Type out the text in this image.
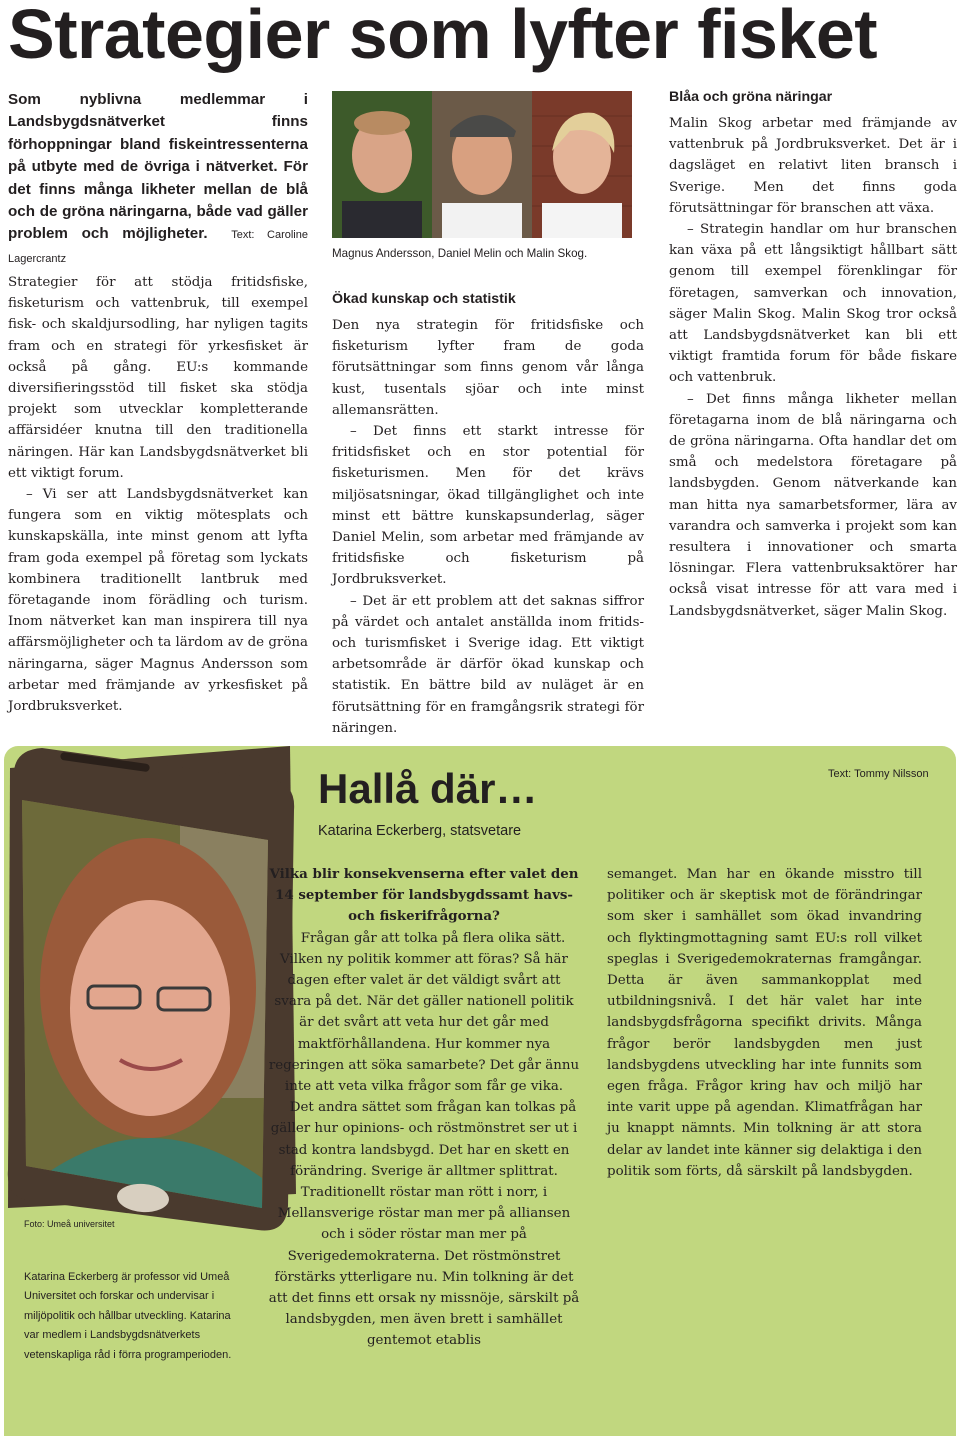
Strategier som lyfter fisket
Som nyblivna medlemmar i Landsbygdsnätverket finns förhoppningar bland fiskeintressenterna på utbyte med de övriga i nätverket. För det finns många likheter mellan de blå och de gröna näringarna, både vad gäller problem och möjligheter. Text: Caroline Lagercrantz

Strategier för att stödja fritidsfiske, fisketurism och vattenbruk, till exempel fisk- och skaldjursodling, har nyligen tagits fram och en strategi för yrkesfisket är också på gång. EU:s kommande diversifieringsstöd till fisket ska stödja projekt som utvecklar kompletterande affärsidéer knutna till den traditionella näringen. Här kan Landsbygdsnätverket bli ett viktigt forum.

– Vi ser att Landsbygdsnätverket kan fungera som en viktig mötesplats och kunskapskälla, inte minst genom att lyfta fram goda exempel på företag som lyckats kombinera traditionellt lantbruk med företagande inom förädling och turism. Inom nätverket kan man inspirera till nya affärsmöjligheter och ta lärdom av de gröna näringarna, säger Magnus Andersson som arbetar med främjande av yrkesfisket på Jordbruksverket.

Magnus Andersson, Daniel Melin och Malin Skog.
Ökad kunskap och statistik

Den nya strategin för fritidsfiske och fisketurism lyfter fram de goda förutsättningar som finns genom vår långa kust, tusentals sjöar och inte minst allemansrätten.

– Det finns ett starkt intresse för fritidsfisket och en stor potential för fisketurismen. Men för det krävs miljösatsningar, ökad tillgänglighet och inte minst ett bättre kunskapsunderlag, säger Daniel Melin, som arbetar med främjande av fritidsfiske och fisketurism på Jordbruksverket.

– Det är ett problem att det saknas siffror på värdet och antalet anställda inom fritids- och turismfisket i Sverige idag. Ett viktigt arbetsområde är därför ökad kunskap och statistik. En bättre bild av nuläget är en förutsättning för en framgångsrik strategi för näringen.

Blåa och gröna näringar

Malin Skog arbetar med främjande av vattenbruk på Jordbruksverket. Det är i dagsläget en relativt liten bransch i Sverige. Men det finns goda förutsättningar för branschen att växa.

– Strategin handlar om hur branschen kan växa på ett långsiktigt hållbart sätt genom till exempel förenklingar för företagen, samverkan och innovation, säger Malin Skog. Malin Skog tror också att Landsbygdsnätverket kan bli ett viktigt framtida forum för både fiskare och vattenbruk.

– Det finns många likheter mellan företagarna inom de blå näringarna och de gröna näringarna. Ofta handlar det om små och medelstora företagare på landsbygden. Genom nätverkande kan man hitta nya samarbetsformer, lära av varandra och samverka i projekt som kan resultera i innovationer och smarta lösningar. Flera vattenbruksaktörer har också visat intresse för att vara med i Landsbygdsnätverket, säger Malin Skog.

Hallå där…
Katarina Eckerberg, statsvetare
Text: Tommy Nilsson

Vilka blir konsekvenserna efter valet den 14 september för landsbygdssamt havs- och fiskerifrågorna?

Frågan går att tolka på flera olika sätt. Vilken ny politik kommer att föras? Så här dagen efter valet är det väldigt svårt att svara på det. När det gäller nationell politik är det svårt att veta hur det går med maktförhållandena. Hur kommer nya regeringen att söka samarbete? Det går ännu inte att veta vilka frågor som får ge vika.

Det andra sättet som frågan kan tolkas på gäller hur opinions- och röstmönstret ser ut i stad kontra landsbygd. Det har en skett en förändring. Sverige är alltmer splittrat. Traditionellt röstar man rött i norr, i Mellansverige röstar man mer på alliansen och i söder röstar man mer på Sverigedemokraterna. Det röstmönstret förstärks ytterligare nu. Min tolkning är det att det finns ett orsak ny missnöje, särskilt på landsbygden, men även brett i samhället gentemot etablis

semanget. Man har en ökande misstro till politiker och är skeptisk mot de förändringar som sker i samhället som ökad invandring och flyktingmottagning samt EU:s roll vilket speglas i Sverigedemokraternas framgångar. Detta är även sammankopplat med utbildningsnivå. I det här valet har inte landsbygdsfrågorna specifikt drivits. Många frågor berör landsbygden men just landsbygdens utveckling har inte funnits som egen fråga. Frågor kring hav och miljö har inte varit uppe på agendan. Klimatfrågan har ju knappt nämnts. Min tolkning är att stora delar av landet inte känner sig delaktiga i den politik som förts, då särskilt på landsbygden.

Foto: Umeå universitet
Katarina Eckerberg är professor vid Umeå Universitet och forskar och undervisar i miljöpolitik och hållbar utveckling. Katarina var medlem i Landsbygdsnätverkets vetenskapliga råd i förra programperioden.
